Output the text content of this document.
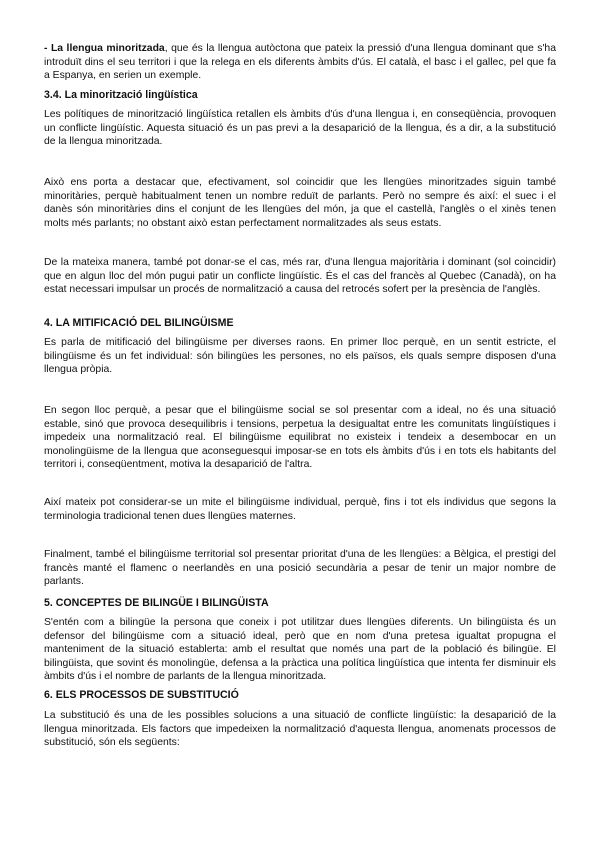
- La llengua minoritzada, que és la llengua autòctona que pateix la pressió d'una llengua dominant que s'ha introduït dins el seu territori i que la relega en els diferents àmbits d'ús. El català, el basc i el gallec, pel que fa a Espanya, en serien un exemple.

3.4. La minorització lingüística

Les polítiques de minorització lingüística retallen els àmbits d'ús d'una llengua i, en conseqüència, provoquen un conflicte lingüístic. Aquesta situació és un pas previ a la desaparició de la llengua, és a dir, a la substitució de la llengua minoritzada.

Això ens porta a destacar que, efectivament, sol coincidir que les llengües minoritzades siguin també minoritàries, perquè habitualment tenen un nombre reduït de parlants. Però no sempre és així: el suec i el danès són minoritàries dins el conjunt de les llengües del món, ja que el castellà, l'anglès o el xinès tenen molts més parlants; no obstant això estan perfectament normalitzades als seus estats.

De la mateixa manera, també pot donar-se el cas, més rar, d'una llengua majoritària i dominant (sol coincidir) que en algun lloc del món pugui patir un conflicte lingüístic. És el cas del francès al Quebec (Canadà), on ha estat necessari impulsar un procés de normalització a causa del retrocés sofert per la presència de l'anglès.

4. LA MITIFICACIÓ DEL BILINGÜISME

Es parla de mitificació del bilingüisme per diverses raons. En primer lloc perquè, en un sentit estricte, el bilingüisme és un fet individual: són bilingües les persones, no els països, els quals sempre disposen d'una llengua pròpia.

En segon lloc perquè, a pesar que el bilingüisme social se sol presentar com a ideal, no és una situació estable, sinó que provoca desequilibris i tensions, perpetua la desigualtat entre les comunitats lingüístiques i impedeix una normalització real. El bilingüisme equilibrat no existeix i tendeix a desembocar en un monolingüisme de la llengua que aconseguesqui imposar-se en tots els àmbits d'ús i en tots els habitants del territori i, conseqüentment, motiva la desaparició de l'altra.

Així mateix pot considerar-se un mite el bilingüisme individual, perquè, fins i tot els individus que segons la terminologia tradicional tenen dues llengües maternes.

Finalment, també el bilingüisme territorial sol presentar prioritat d'una de les llengües: a Bèlgica, el prestigi del francès manté el flamenc o neerlandès en una posició secundària a pesar de tenir un major nombre de parlants.

5. CONCEPTES DE BILINGÜE I BILINGÜISTA

S'entén com a bilingüe la persona que coneix i pot utilitzar dues llengües diferents. Un bilingüista és un defensor del bilingüisme com a situació ideal, però que en nom d'una pretesa igualtat propugna el manteniment de la situació establerta: amb el resultat que només una part de la població és bilingüe. El bilingüista, que sovint és monolingüe, defensa a la pràctica una política lingüística que intenta fer disminuir els àmbits d'ús i el nombre de parlants de la llengua minoritzada.

6. ELS PROCESSOS DE SUBSTITUCIÓ

La substitució és una de les possibles solucions a una situació de conflicte lingüístic: la desaparició de la llengua minoritzada. Els factors que impedeixen la normalització d'aquesta llengua, anomenats processos de substitució, són els següents:
